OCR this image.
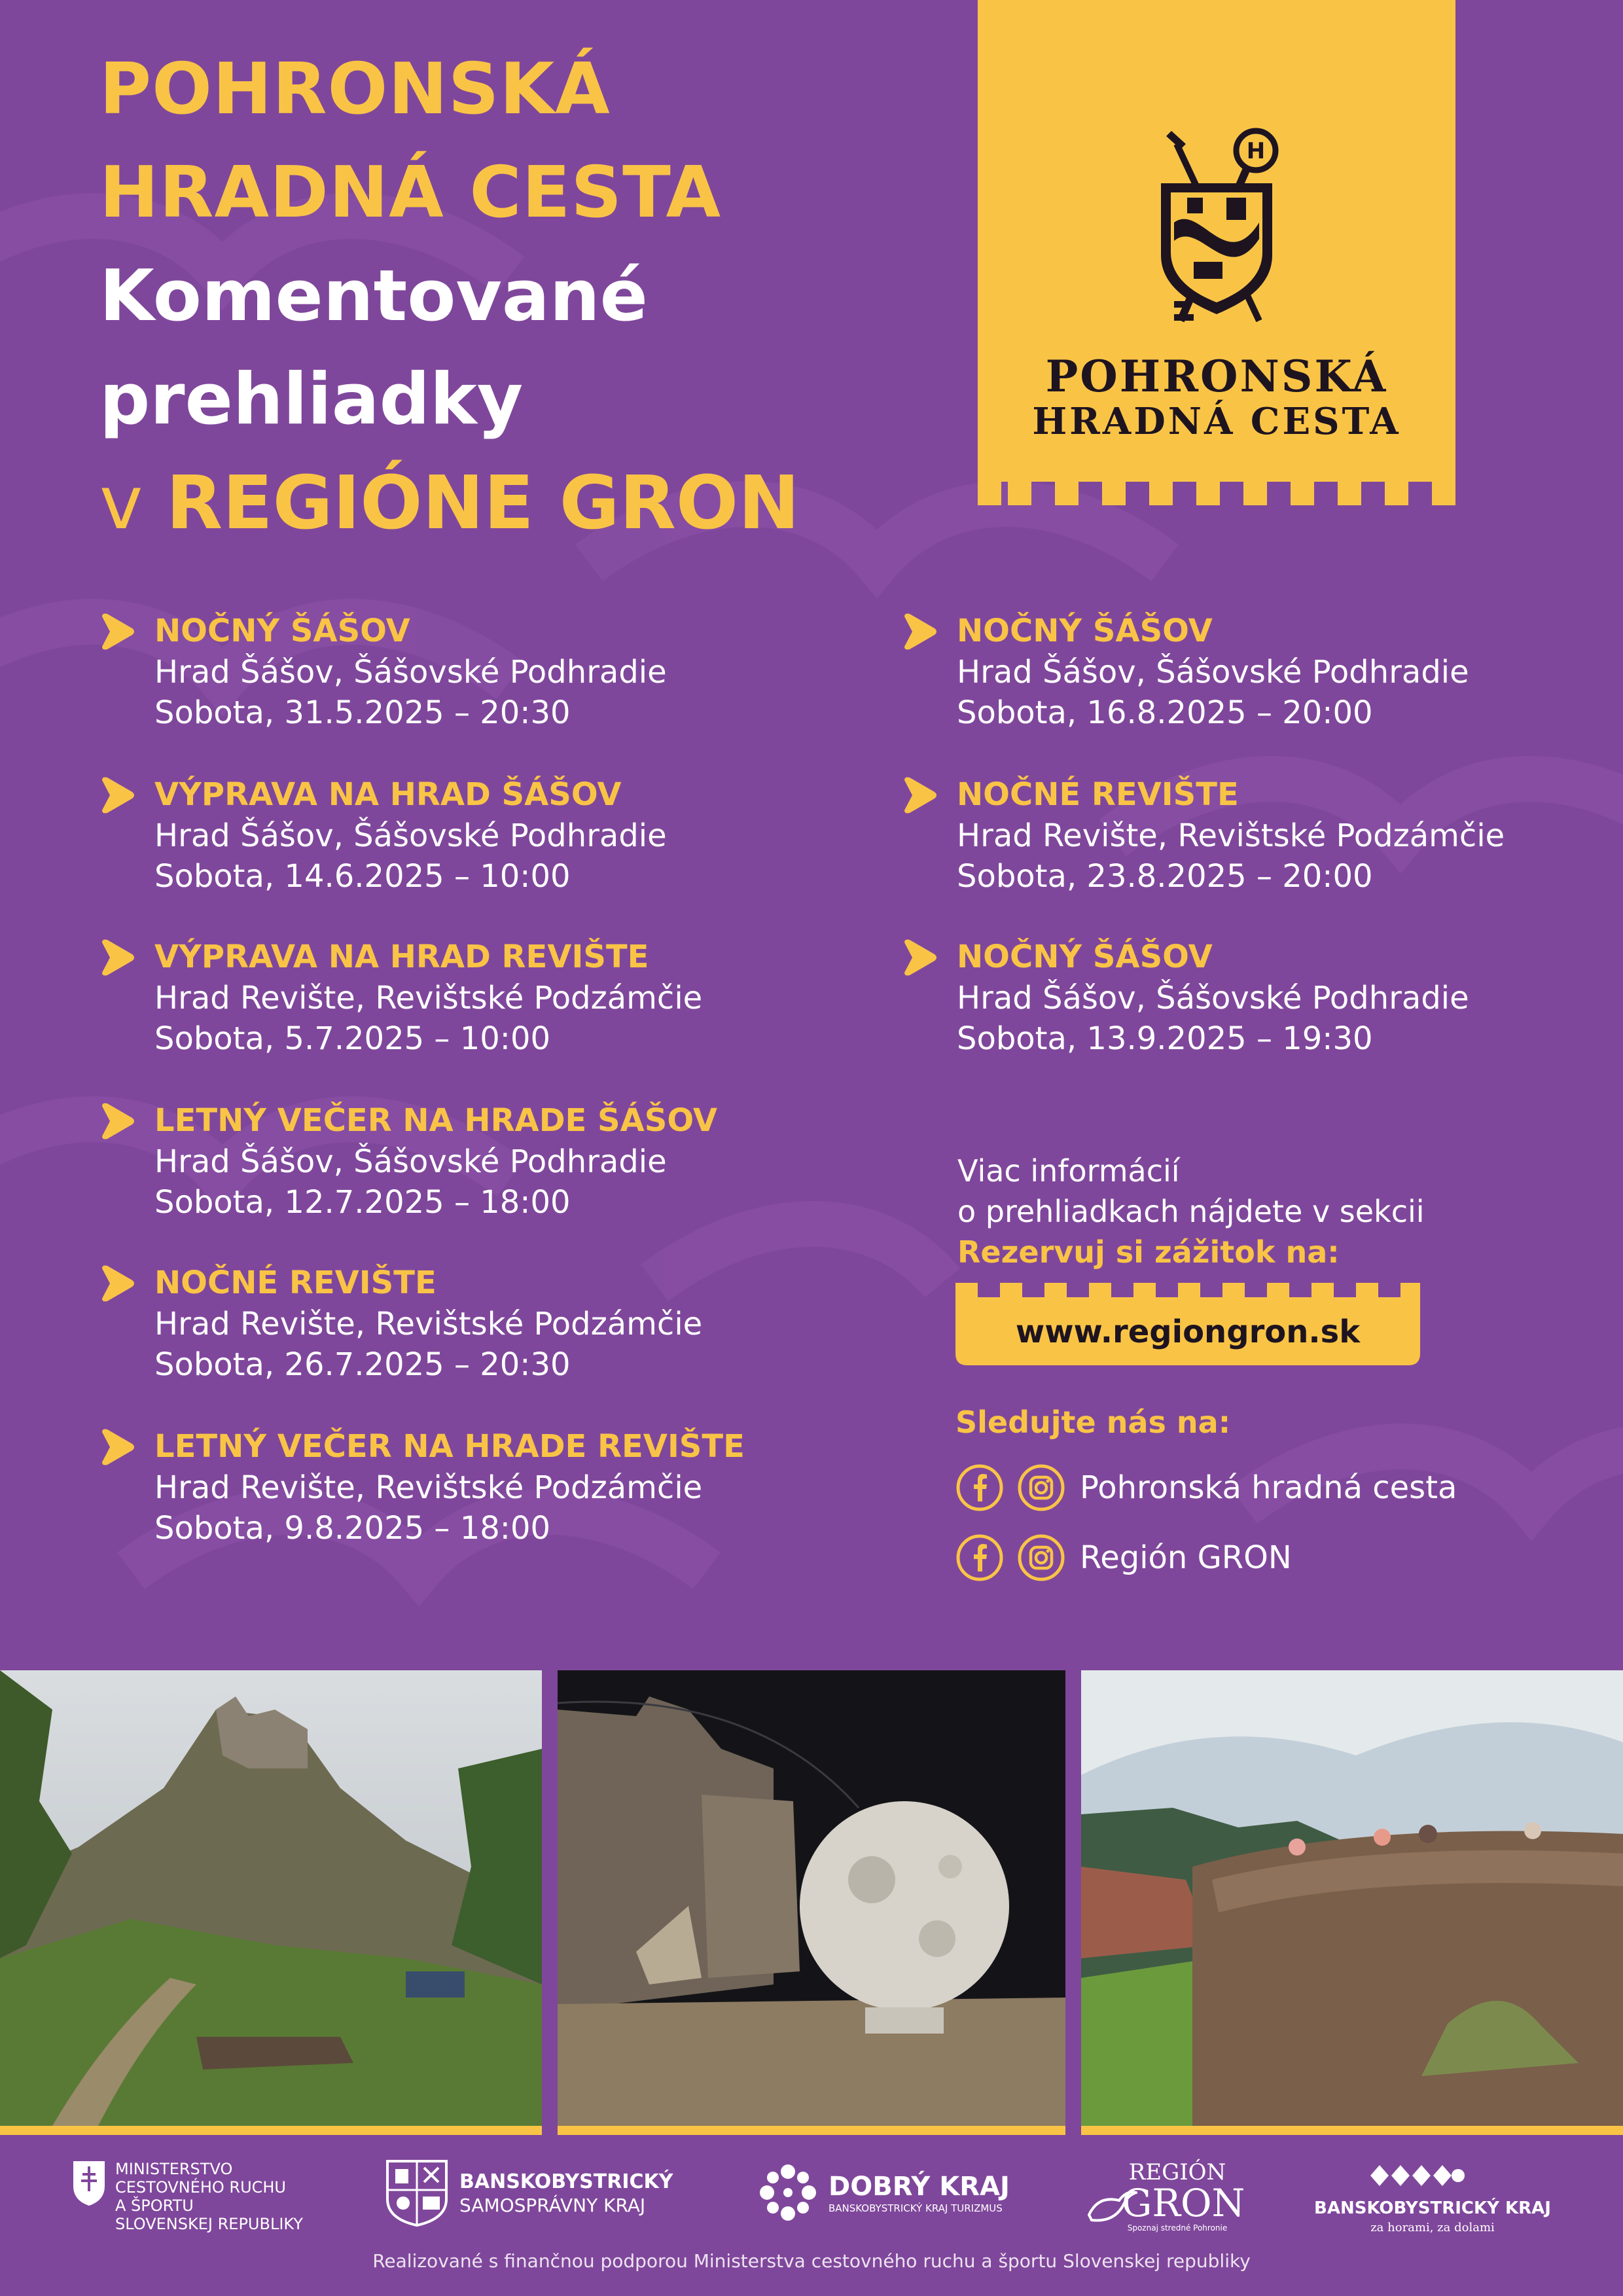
POHRONSKÁ
HRADNÁ CESTA
Komentované
prehliadky
v REGIÓNE GRON
H
POHRONSKÁ
HRADNÁ CESTA
NOČNÝ ŠÁŠOV
Hrad Šášov, Šášovské Podhradie
Sobota, 31.5.2025 – 20:30
VÝPRAVA NA HRAD ŠÁŠOV
Hrad Šášov, Šášovské Podhradie
Sobota, 14.6.2025 – 10:00
VÝPRAVA NA HRAD REVIŠTE
Hrad Revište, Revištské Podzámčie
Sobota, 5.7.2025 – 10:00
LETNÝ VEČER NA HRADE ŠÁŠOV
Hrad Šášov, Šášovské Podhradie
Sobota, 12.7.2025 – 18:00
NOČNÉ REVIŠTE
Hrad Revište, Revištské Podzámčie
Sobota, 26.7.2025 – 20:30
LETNÝ VEČER NA HRADE REVIŠTE
Hrad Revište, Revištské Podzámčie
Sobota, 9.8.2025 – 18:00
NOČNÝ ŠÁŠOV
Hrad Šášov, Šášovské Podhradie
Sobota, 16.8.2025 – 20:00
NOČNÉ REVIŠTE
Hrad Revište, Revištské Podzámčie
Sobota, 23.8.2025 – 20:00
NOČNÝ ŠÁŠOV
Hrad Šášov, Šášovské Podhradie
Sobota, 13.9.2025 – 19:30
Viac informácií
o prehliadkach nájdete v sekcii
Rezervuj si zážitok na:
www.regiongron.sk
Sledujte nás na:
Pohronská hradná cesta
Región GRON
MINISTERSTVO
CESTOVNÉHO RUCHU
A ŠPORTU
SLOVENSKEJ REPUBLIKY
BANSKOBYSTRICKÝ
SAMOSPRÁVNY KRAJ
DOBRÝ KRAJ
BANSKOBYSTRICKÝ KRAJ TURIZMUS
REGIÓN
GRON
Spoznaj stredné Pohronie
BANSKOBYSTRICKÝ KRAJ
za horami, za dolami
Realizované s finančnou podporou Ministerstva cestovného ruchu a športu Slovenskej republiky
